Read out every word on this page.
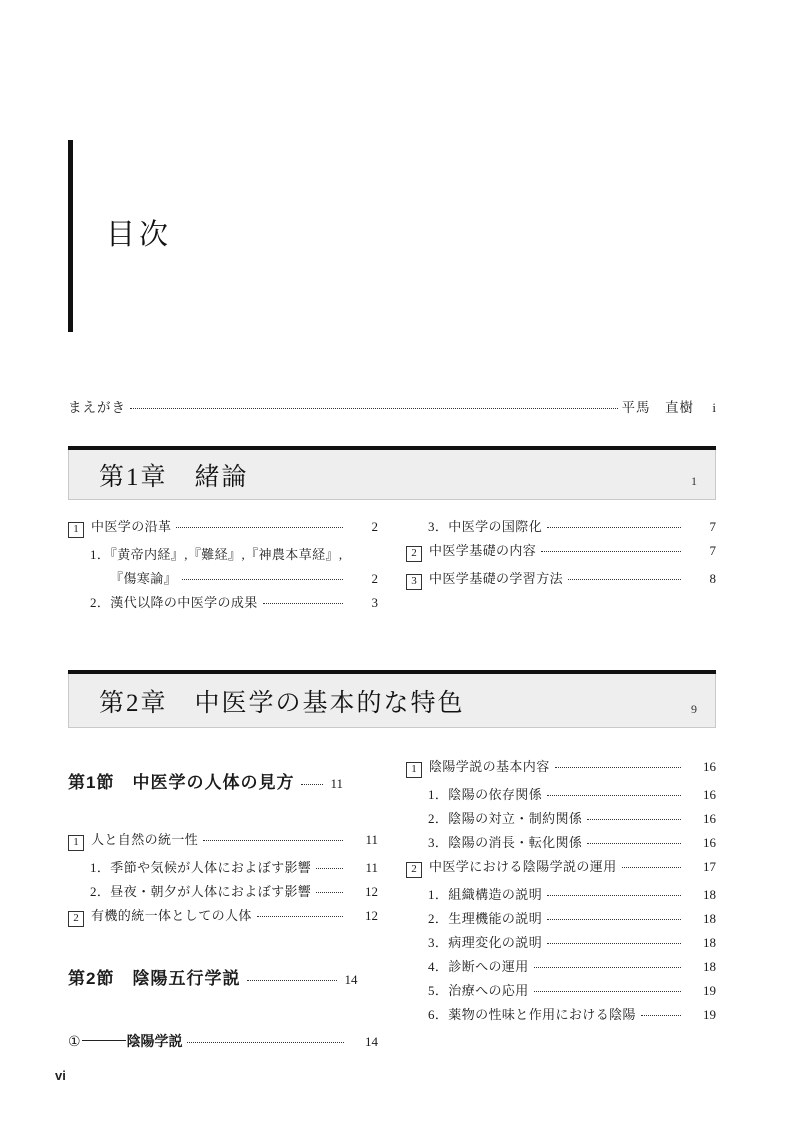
目次
まえがき	平馬　直樹	i
第1章　緒論	1
1 中医学の沿革	2
1．『黄帝内経』,『難経』,『神農本草経』,
『傷寒論』	2
2．漢代以降の中医学の成果	3
3．中医学の国際化	7
2 中医学基礎の内容	7
3 中医学基礎の学習方法	8
第2章　中医学の基本的な特色	9
第1節　中医学の人体の見方	11
1 人と自然の統一性	11
1．季節や気候が人体におよぼす影響	11
2．昼夜・朝夕が人体におよぼす影響	12
2 有機的統一体としての人体	12
第2節　陰陽五行学説	14
①	陰陽学説	14
1 陰陽学説の基本内容	16
1．陰陽の依存関係	16
2．陰陽の対立・制約関係	16
3．陰陽の消長・転化関係	16
2 中医学における陰陽学説の運用	17
1．組織構造の説明	18
2．生理機能の説明	18
3．病理変化の説明	18
4．診断への運用	18
5．治療への応用	19
6．薬物の性味と作用における陰陽	19
vi
